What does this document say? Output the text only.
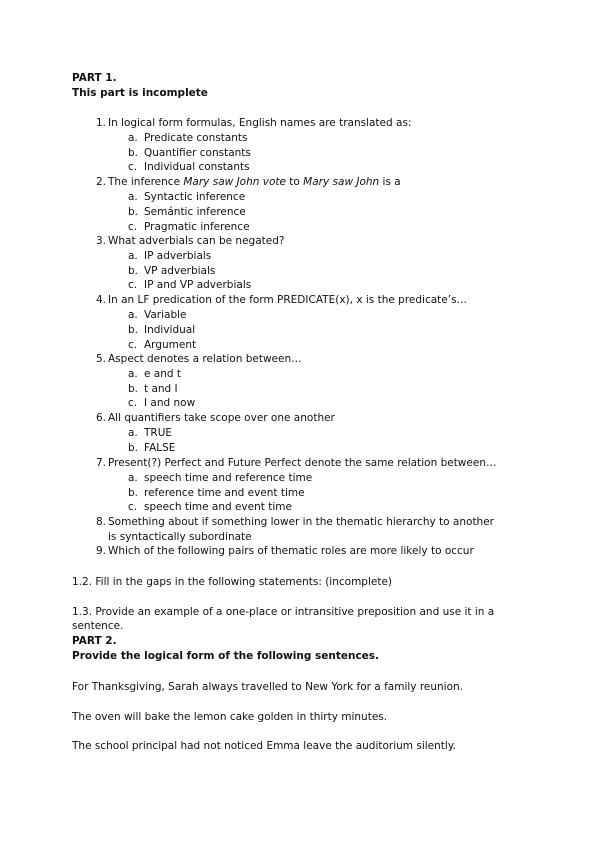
PART 1.
This part is incomplete
1. In logical form formulas, English names are translated as:
a. Predicate constants
b. Quantifier constants
c. Individual constants
2. The inference Mary saw John vote to Mary saw John is a
a. Syntactic inference
b. Semántic inference
c. Pragmatic inference
3. What adverbials can be negated?
a. IP adverbials
b. VP adverbials
c. IP and VP adverbials
4. In an LF predication of the form PREDICATE(x), x is the predicate’s…
a. Variable
b. Individual
c. Argument
5. Aspect denotes a relation between…
a. e and t
b. t and I
c. I and now
6. All quantifiers take scope over one another
a. TRUE
b. FALSE
7. Present(?) Perfect and Future Perfect denote the same relation between…
a. speech time and reference time
b. reference time and event time
c. speech time and event time
8. Something about if something lower in the thematic hierarchy to another is syntactically subordinate
9. Which of the following pairs of thematic roles are more likely to occur
1.2. Fill in the gaps in the following statements: (incomplete)
1.3. Provide an example of a one-place or intransitive preposition and use it in a sentence.
PART 2.
Provide the logical form of the following sentences.
For Thanksgiving, Sarah always travelled to New York for a family reunion.
The oven will bake the lemon cake golden in thirty minutes.
The school principal had not noticed Emma leave the auditorium silently.
